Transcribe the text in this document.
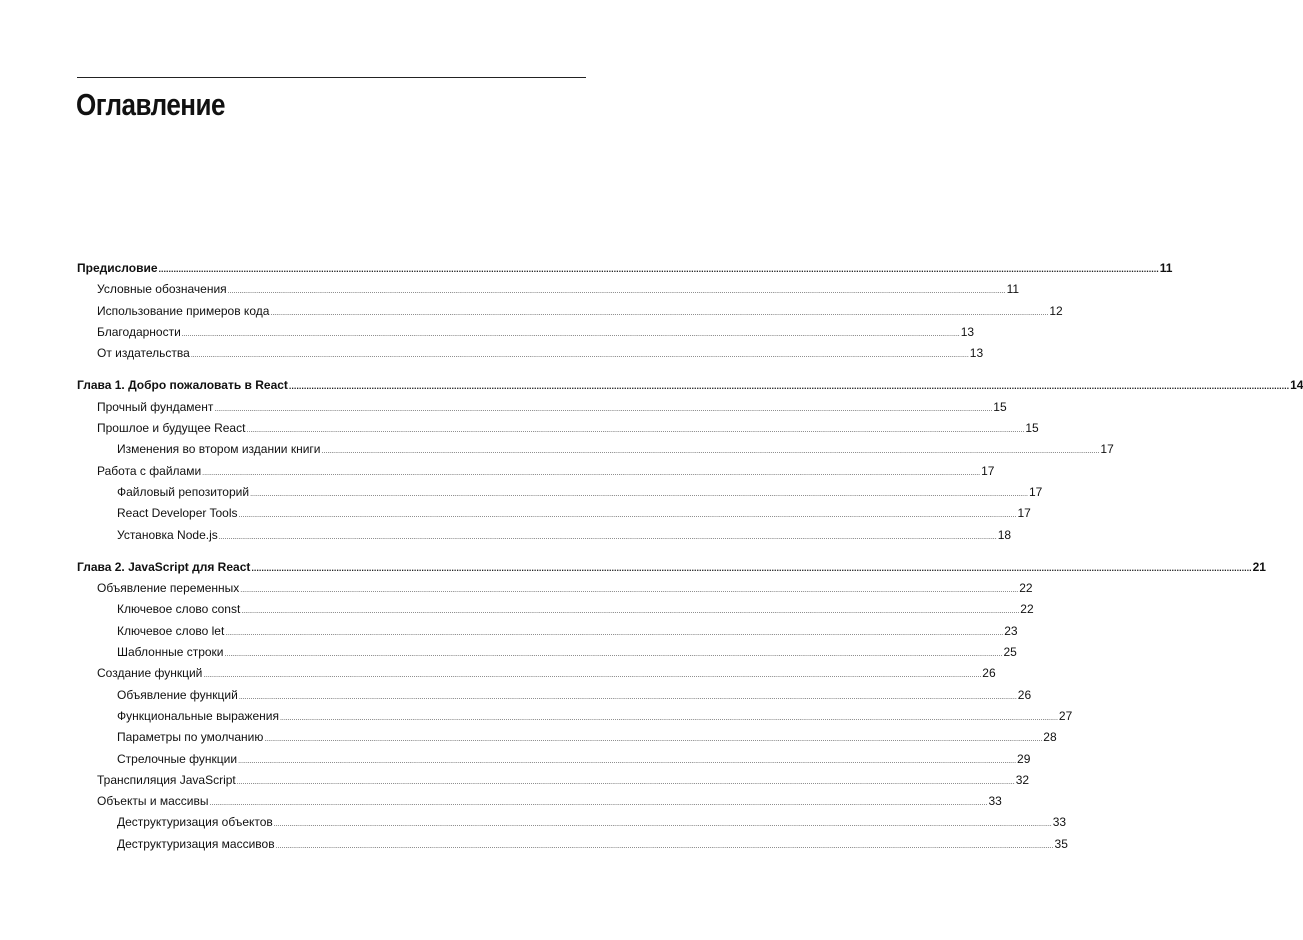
Оглавление
Предисловие ................................................................................................................................................................................................................................................................................................................................................................................................................ 11
Условные обозначения ................................................................................................................................................................................................................................................................................................................................................................................................................ 11
Использование примеров кода ................................................................................................................................................................................................................................................................................................................................................................................................................ 12
Благодарности ................................................................................................................................................................................................................................................................................................................................................................................................................ 13
От издательства ................................................................................................................................................................................................................................................................................................................................................................................................................ 13
Глава 1. Добро пожаловать в React ................................................................................................................................................................................................................................................................................................................................................................................................................ 14
Прочный фундамент ................................................................................................................................................................................................................................................................................................................................................................................................................ 15
Прошлое и будущее React ................................................................................................................................................................................................................................................................................................................................................................................................................ 15
Изменения во втором издании книги ................................................................................................................................................................................................................................................................................................................................................................................................................ 17
Работа с файлами ................................................................................................................................................................................................................................................................................................................................................................................................................ 17
Файловый репозиторий ................................................................................................................................................................................................................................................................................................................................................................................................................ 17
React Developer Tools ................................................................................................................................................................................................................................................................................................................................................................................................................ 17
Установка Node.js ................................................................................................................................................................................................................................................................................................................................................................................................................ 18
Глава 2. JavaScript для React ................................................................................................................................................................................................................................................................................................................................................................................................................ 21
Объявление переменных ................................................................................................................................................................................................................................................................................................................................................................................................................ 22
Ключевое слово const ................................................................................................................................................................................................................................................................................................................................................................................................................ 22
Ключевое слово let ................................................................................................................................................................................................................................................................................................................................................................................................................ 23
Шаблонные строки ................................................................................................................................................................................................................................................................................................................................................................................................................ 25
Создание функций ................................................................................................................................................................................................................................................................................................................................................................................................................ 26
Объявление функций ................................................................................................................................................................................................................................................................................................................................................................................................................ 26
Функциональные выражения ................................................................................................................................................................................................................................................................................................................................................................................................................ 27
Параметры по умолчанию ................................................................................................................................................................................................................................................................................................................................................................................................................ 28
Стрелочные функции ................................................................................................................................................................................................................................................................................................................................................................................................................ 29
Транспиляция JavaScript ................................................................................................................................................................................................................................................................................................................................................................................................................ 32
Объекты и массивы ................................................................................................................................................................................................................................................................................................................................................................................................................ 33
Деструктуризация объектов ................................................................................................................................................................................................................................................................................................................................................................................................................ 33
Деструктуризация массивов ................................................................................................................................................................................................................................................................................................................................................................................................................ 35
